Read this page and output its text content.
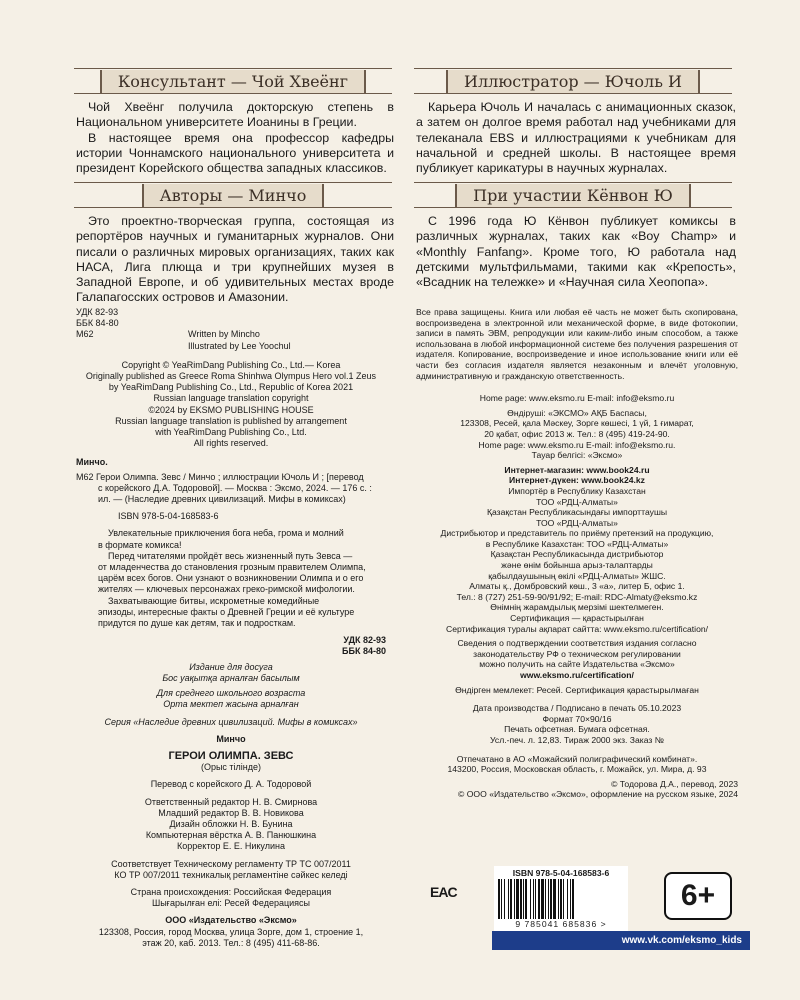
Консультант — Чой Хвеёнг	Иллюстратор — Ючоль И
Авторы — Минчо	При участии Кёнвон Ю

Чой Хвеёнг получила докторскую степень в Национальном университете Иоанины в Греции.

В настоящее время она профессор кафедры истории Чоннамского национального университета и президент Корейского общества западных классиков.

Карьера Ючоль И началась с анимационных сказок, а затем он долгое время работал над учебниками для телеканала EBS и иллюстрациями к учебникам для начальной и средней школы. В настоящее время публикует карикатуры в научных журналах.

Это проектно-творческая группа, состоящая из репортёров научных и гуманитарных журналов. Они писали о различных мировых организациях, таких как НАСА, Лига плюща и три крупнейших музея в Западной Европе, и об удивительных местах вроде Галапагосских островов и Амазонии.

С 1996 года Ю Кёнвон публикует комиксы в различных журналах, таких как «Boy Champ» и «Monthly Fanfang». Кроме того, Ю работала над детскими мультфильмами, такими как «Крепость», «Всадник на тележке» и «Научная сила Хеопопа».

УДК 82-93
ББК 84-80
М62	Written by Mincho
Illustrated by Lee Yoochul
Copyright © YeaRimDang Publishing Co., Ltd.— Korea
Originally published as Greece Roma Shinhwa Olympus Hero vol.1 Zeus
by YeaRimDang Publishing Co., Ltd., Republic of Korea 2021
Russian language translation copyright
©2024 by EKSMO PUBLISHING HOUSE
Russian language translation is published by arrangement
with YeaRimDang Publishing Co., Ltd.
All rights reserved.
Минчо.
М62 Герои Олимпа. Зевс / Минчо ; иллюстрации Ючоль И ; [перевод
с корейского Д.А. Тодоровой]. — Москва : Эксмо, 2024. — 176 с. :
ил. — (Наследие древних цивилизаций. Мифы в комиксах)
ISBN 978-5-04-168583-6
Увлекательные приключения бога неба, грома и молний
в формате комикса!
Перед читателями пройдёт весь жизненный путь Зевса —
от младенчества до становления грозным правителем Олимпа,
царём всех богов. Они узнают о возникновении Олимпа и о его
жителях — ключевых персонажах греко-римской мифологии.
Захватывающие битвы, искрометные комедийные
эпизоды, интересные факты о Древней Греции и её культуре
придутся по душе как детям, так и подросткам.
УДК 82-93
ББК 84-80
Издание для досуга
Бос уақытқа арналған басылым
Для среднего школьного возраста
Орта мектеп жасына арналған
Серия «Наследие древних цивилизаций. Мифы в комиксах»
Минчо
ГЕРОИ ОЛИМПА. ЗЕВС
(Орыс тілінде)
Перевод с корейского Д. А. Тодоровой
Ответственный редактор Н. В. Смирнова
Младший редактор В. В. Новикова
Дизайн обложки Н. В. Бунина
Компьютерная вёрстка А. В. Панюшкина
Корректор Е. Е. Никулина
Соответствует Техническому регламенту ТР ТС 007/2011
КО ТР 007/2011 техникалық регламентіне сәйкес келеді
Страна происхождения: Российская Федерация
Шығарылған елі: Ресей Федерациясы
ООО «Издательство «Эксмо»
123308, Россия, город Москва, улица Зорге, дом 1, строение 1,
этаж 20, каб. 2013. Тел.: 8 (495) 411-68-86.
Все права защищены. Книга или любая её часть не может быть скопирована, воспроизведена в электронной или механической форме, в виде фотокопии, записи в память ЭВМ, репродукции или каким-либо иным способом, а также использована в любой информационной системе без получения разрешения от издателя. Копирование, воспроизведение и иное использование книги или её части без согласия издателя является незаконным и влечёт уголовную, административную и гражданскую ответственность.
Home page: www.eksmo.ru E-mail: info@eksmo.ru
Өндіруші: «ЭКСМО» АҚБ Баспасы,
123308, Ресей, қала Мәскеу, Зорге көшесі, 1 үй, 1 ғимарат,
20 қабат, офис 2013 ж. Тел.: 8 (495) 419-24-90.
Home page: www.eksmo.ru E-mail: info@eksmo.ru.
Тауар белгісі: «Эксмо»
Интернет-магазин: www.book24.ru
Интернет-дүкен: www.book24.kz
Импортёр в Республику Казахстан
ТОО «РДЦ-Алматы»
Қазақстан Республикасындағы импорттаушы
ТОО «РДЦ-Алматы»
Дистрибьютор и представитель по приёму претензий на продукцию,
в Республике Казахстан: ТОО «РДЦ-Алматы»
Қазақстан Республикасында дистрибьютор
және өнім бойынша арыз-талаптарды
қабылдаушының өкілі «РДЦ-Алматы» ЖШС.
Алматы қ., Домбровский көш., 3 «а», литер Б, офис 1.
Тел.: 8 (727) 251-59-90/91/92; E-mail: RDC-Almaty@eksmo.kz
Өнімнің жарамдылық мерзімі шектелмеген.
Сертификация — қарастырылған
Сертификация туралы ақпарат сайтта: www.eksmo.ru/certification/
Сведения о подтверждении соответствия издания согласно
законодательству РФ о техническом регулировании
можно получить на сайте Издательства «Эксмо»
www.eksmo.ru/certification/
Өндірген мемлекет: Ресей. Сертификация қарастырылмаған
Дата производства / Подписано в печать 05.10.2023
Формат 70×90/16
Печать офсетная. Бумага офсетная.
Усл.-печ. л. 12,83. Тираж 2000 экз. Заказ №
Отпечатано в АО «Можайский полиграфический комбинат».
143200, Россия, Московская область, г. Можайск, ул. Мира, д. 93
© Тодорова Д.А., перевод, 2023
© ООО «Издательство «Эксмо», оформление на русском языке, 2024
EAC
ISBN 978-5-04-168583-6
9 785041 685836 >
6+
www.vk.com/eksmo_kids
